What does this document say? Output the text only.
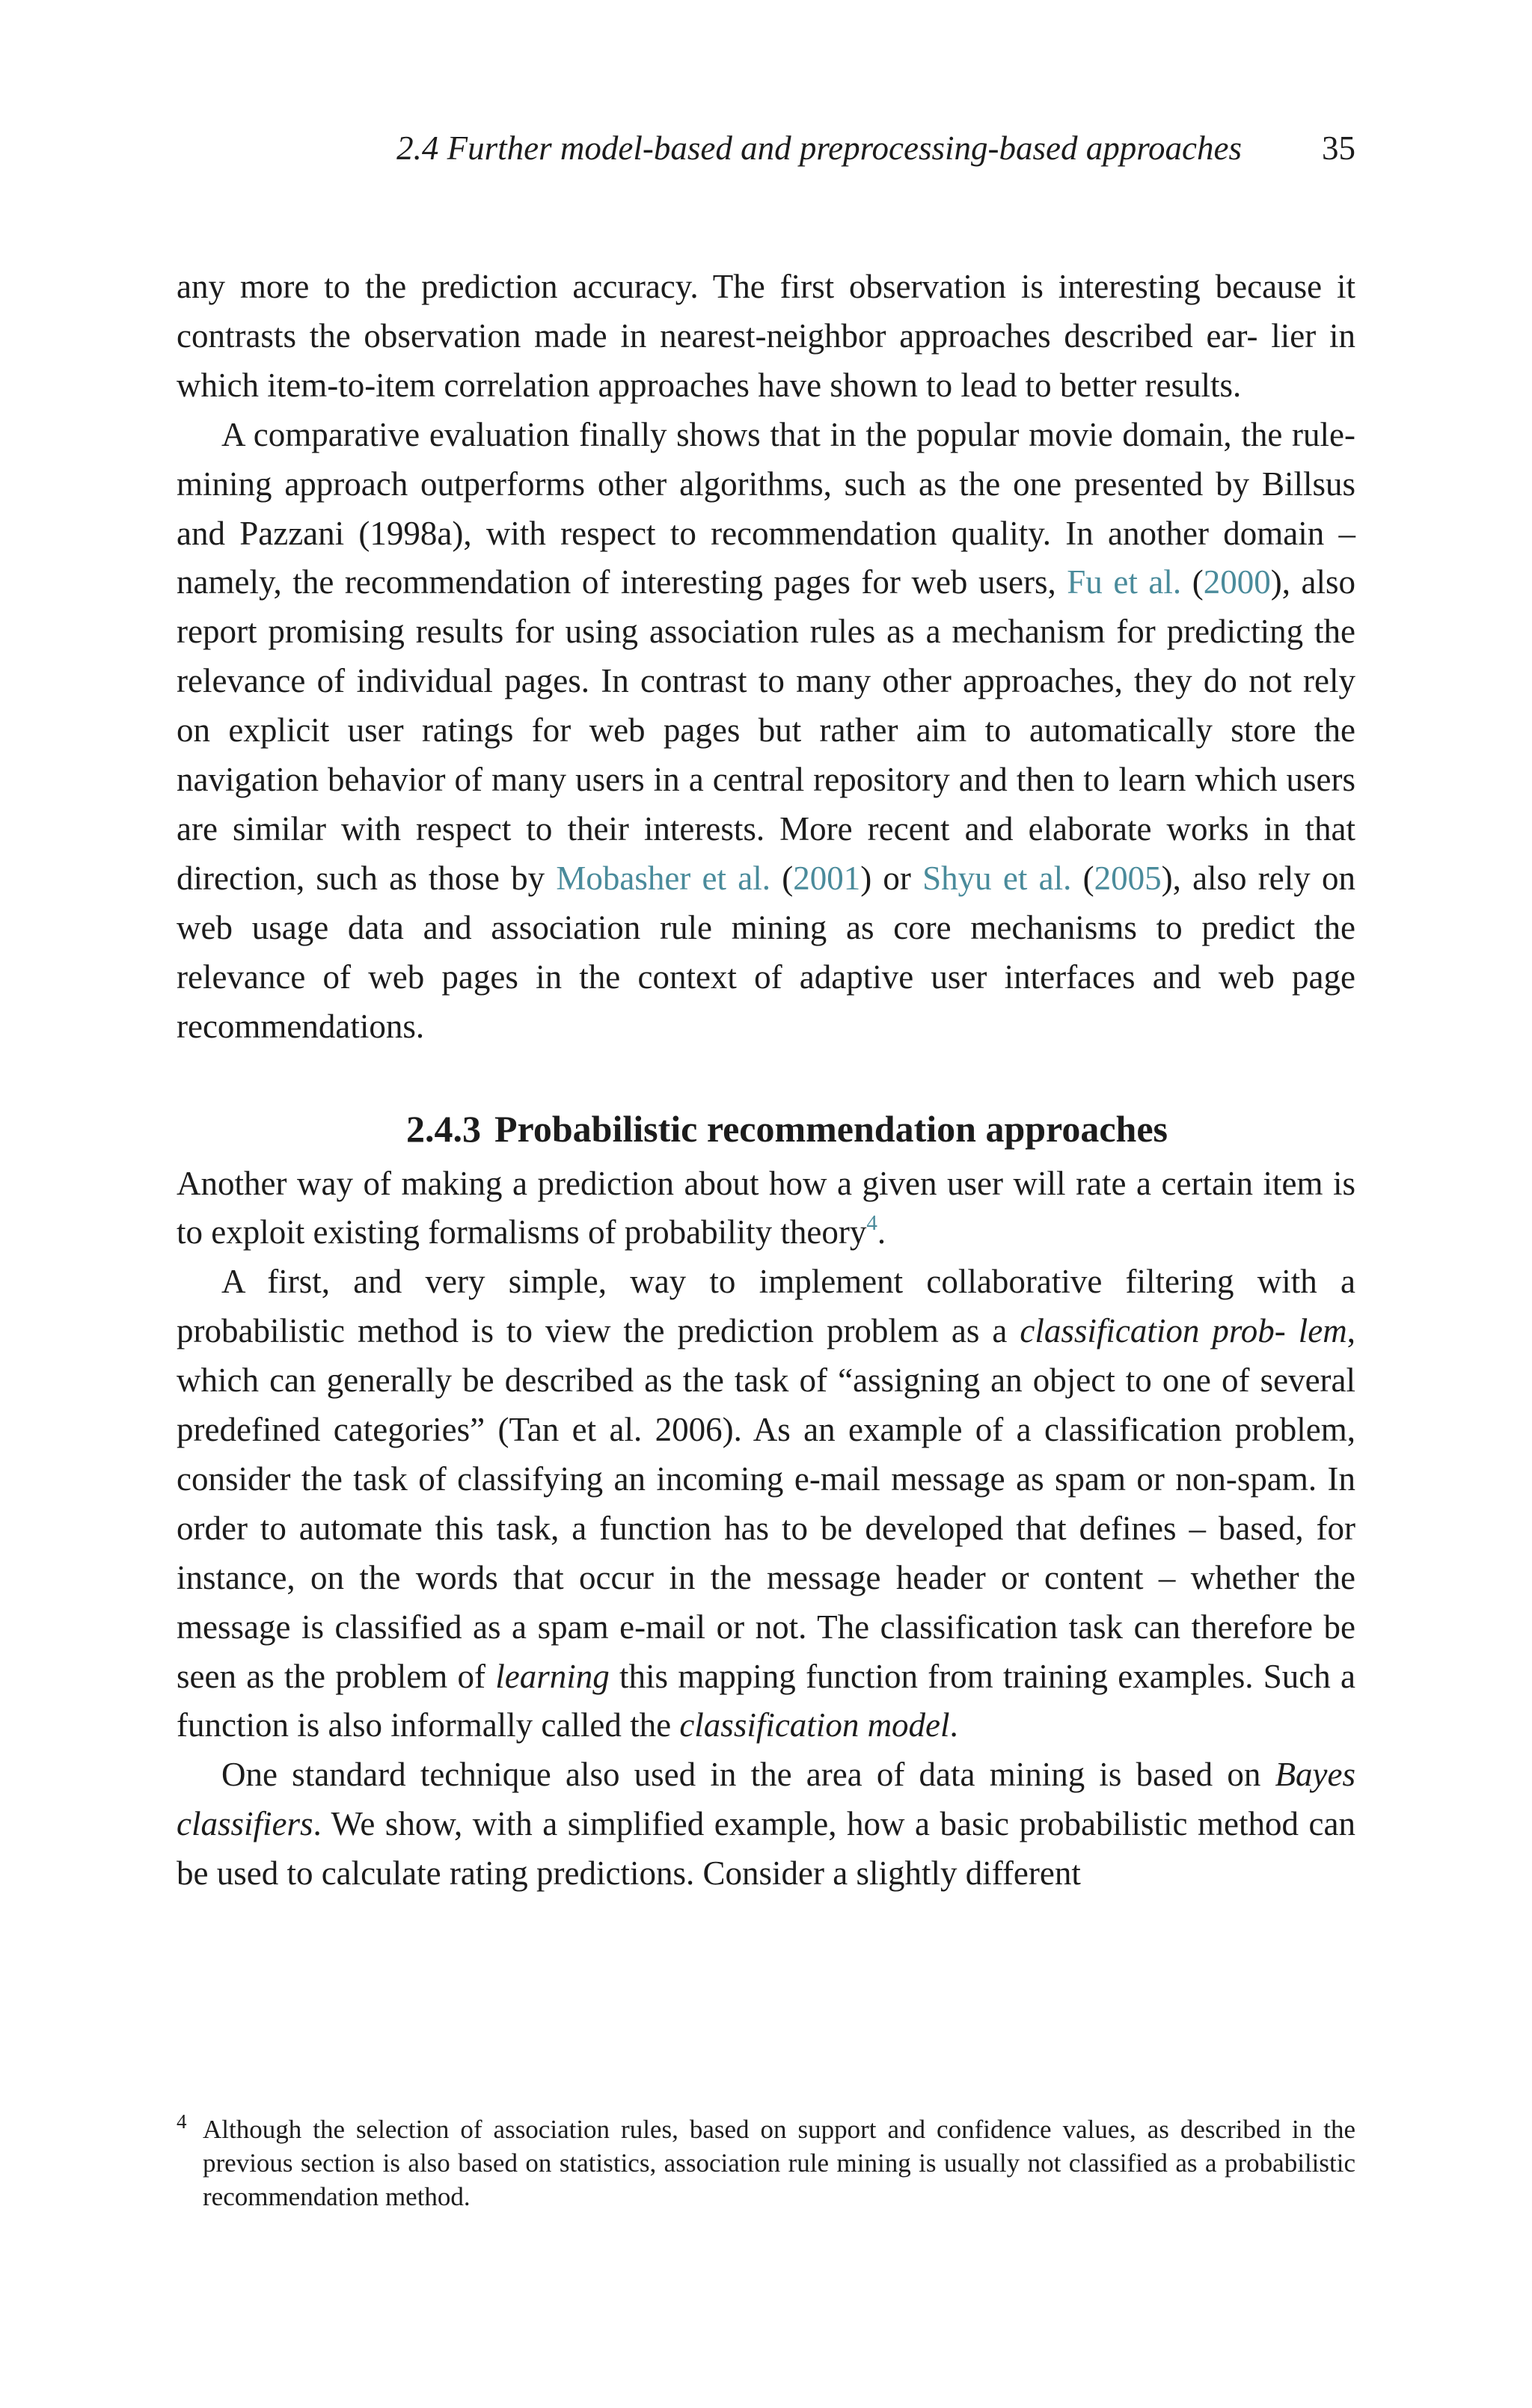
2.4 Further model-based and preprocessing-based approaches 35

any more to the prediction accuracy. The first observation is interesting because it contrasts the observation made in nearest-neighbor approaches described ear- lier in which item-to-item correlation approaches have shown to lead to better results.

A comparative evaluation finally shows that in the popular movie domain, the rule-mining approach outperforms other algorithms, such as the one presented by Billsus and Pazzani (1998a), with respect to recommendation quality. In another domain – namely, the recommendation of interesting pages for web users, Fu et al. (2000), also report promising results for using association rules as a mechanism for predicting the relevance of individual pages. In contrast to many other approaches, they do not rely on explicit user ratings for web pages but rather aim to automatically store the navigation behavior of many users in a central repository and then to learn which users are similar with respect to their interests. More recent and elaborate works in that direction, such as those by Mobasher et al. (2001) or Shyu et al. (2005), also rely on web usage data and association rule mining as core mechanisms to predict the relevance of web pages in the context of adaptive user interfaces and web page recommendations.

2.4.3 Probabilistic recommendation approaches

Another way of making a prediction about how a given user will rate a certain item is to exploit existing formalisms of probability theory$^4$.

A first, and very simple, way to implement collaborative filtering with a probabilistic method is to view the prediction problem as a classification prob- lem, which can generally be described as the task of “assigning an object to one of several predefined categories” (Tan et al. 2006). As an example of a classification problem, consider the task of classifying an incoming e-mail message as spam or non-spam. In order to automate this task, a function has to be developed that defines – based, for instance, on the words that occur in the message header or content – whether the message is classified as a spam e-mail or not. The classification task can therefore be seen as the problem of learning this mapping function from training examples. Such a function is also informally called the classification model.

One standard technique also used in the area of data mining is based on Bayes classifiers. We show, with a simplified example, how a basic probabilistic method can be used to calculate rating predictions. Consider a slightly different

4 Although the selection of association rules, based on support and confidence values, as described in the previous section is also based on statistics, association rule mining is usually not classified as a probabilistic recommendation method.
